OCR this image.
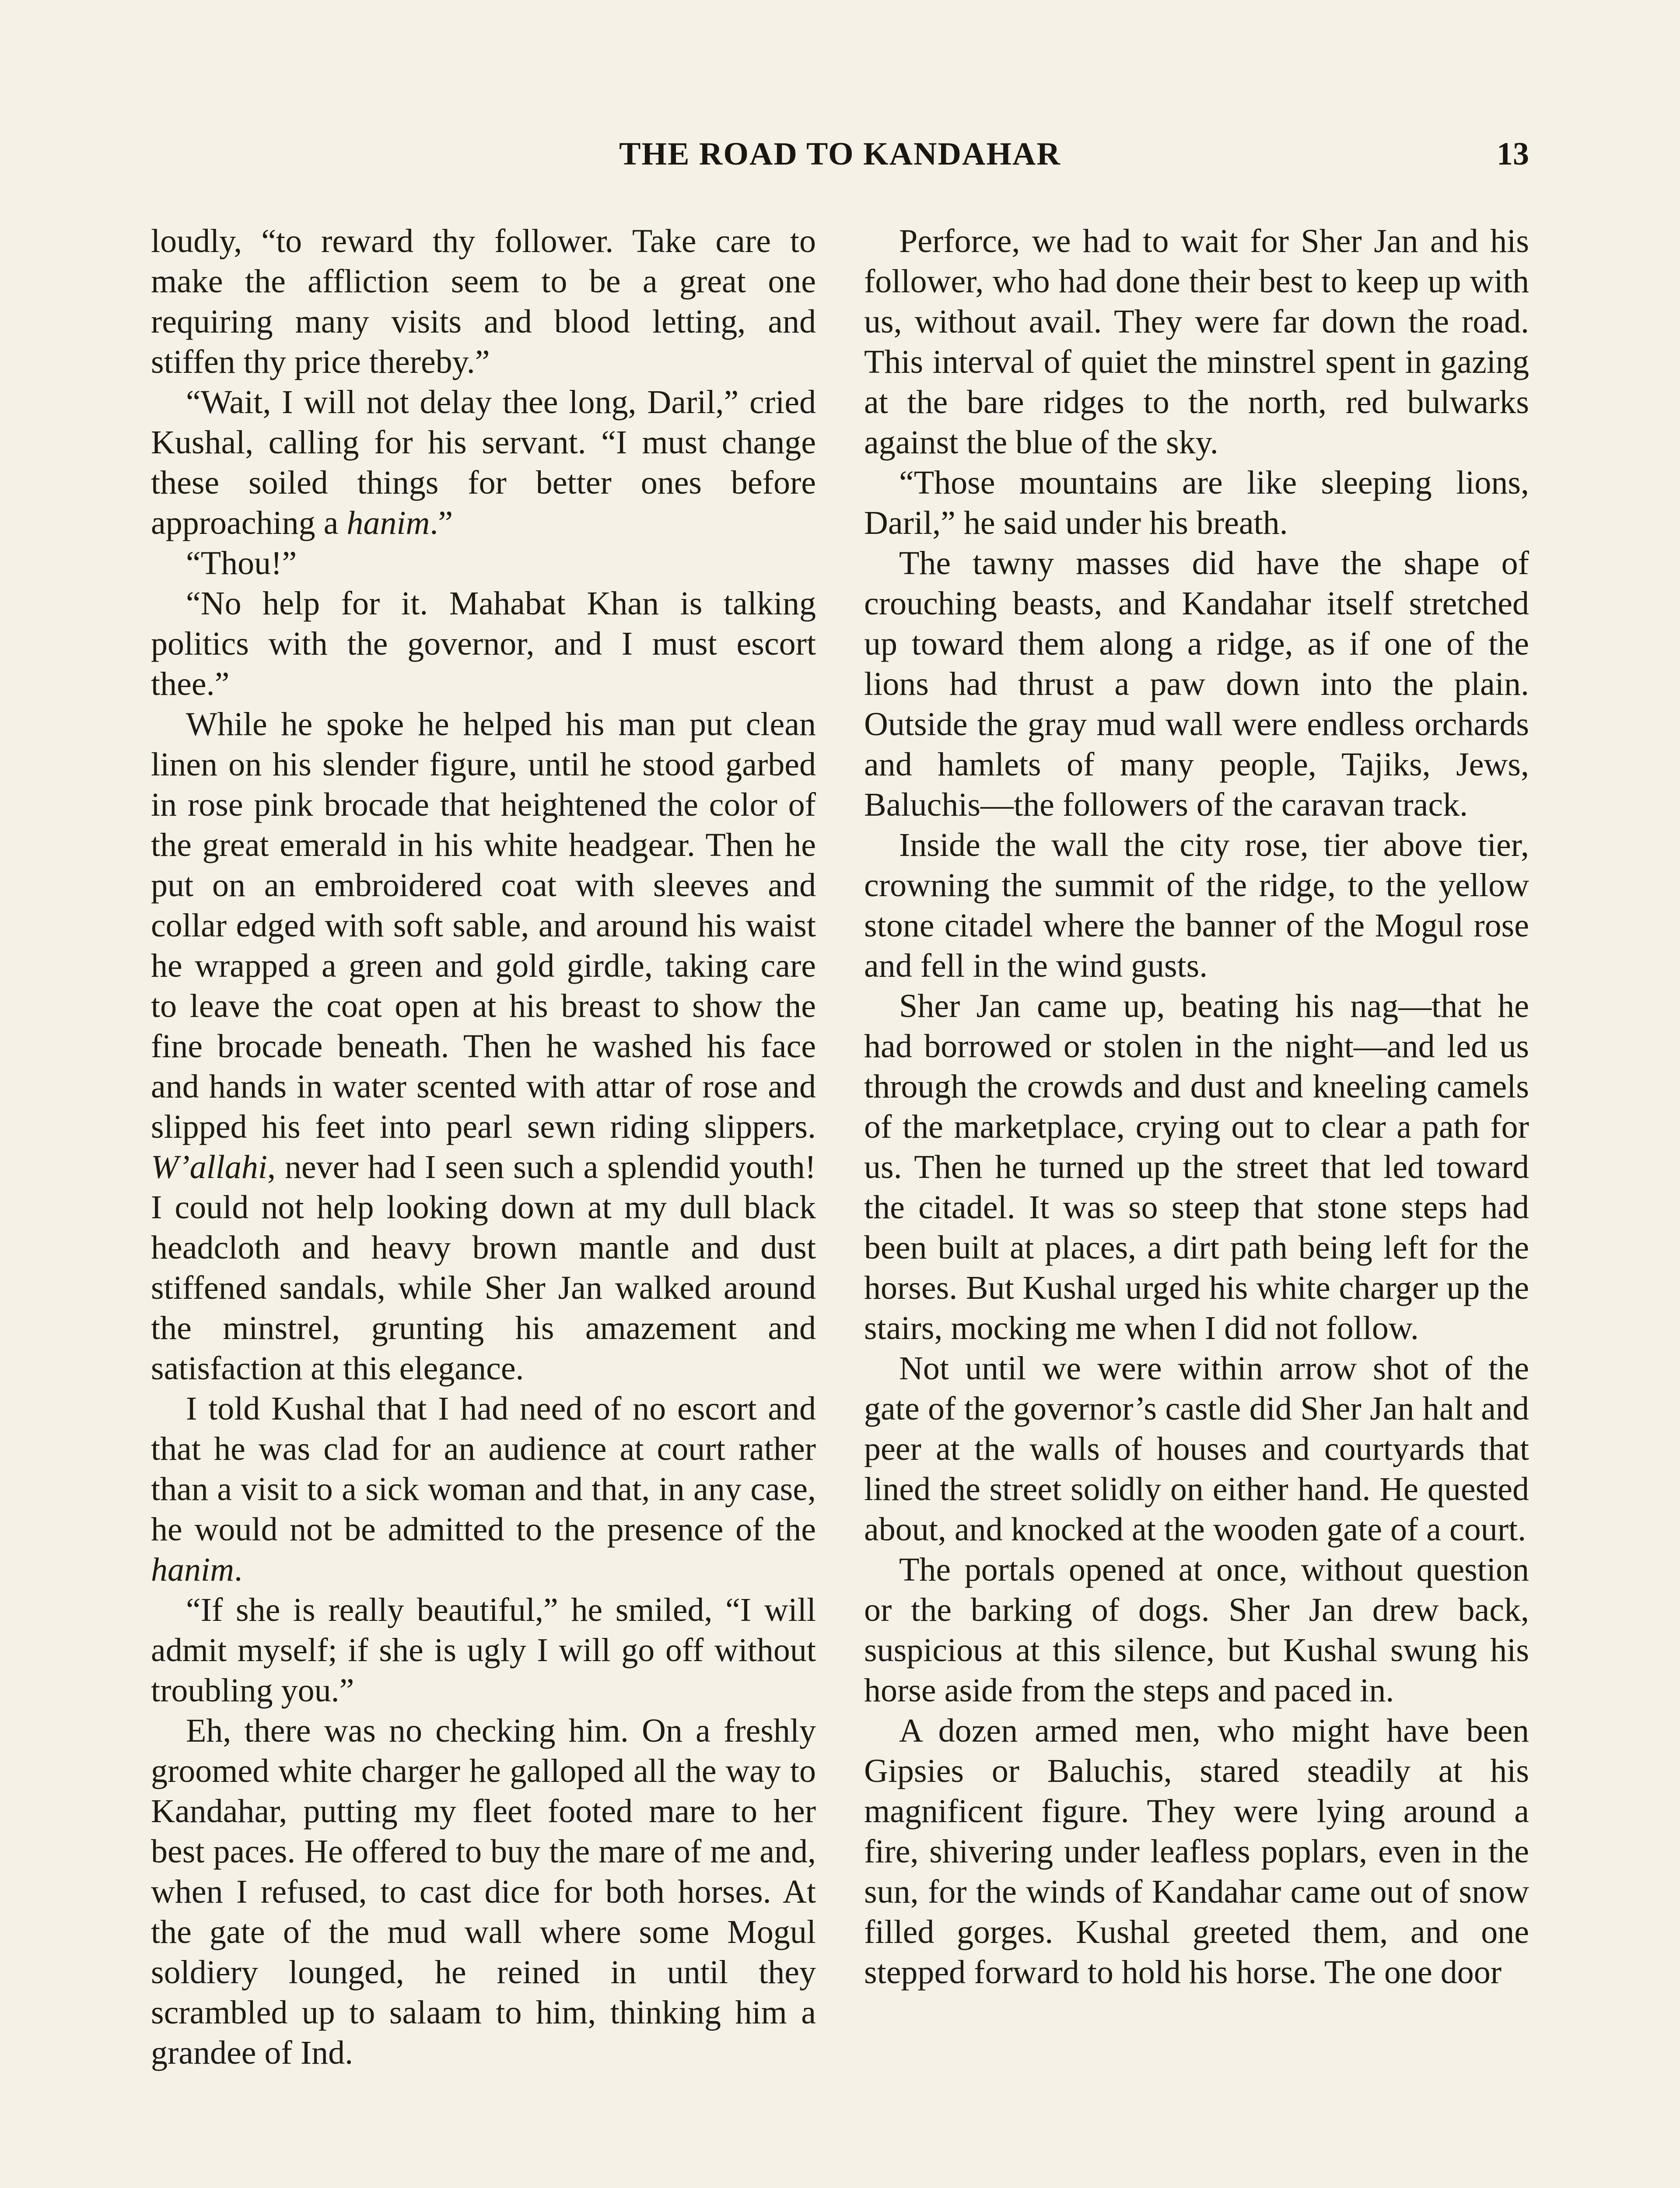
THE ROAD TO KANDAHAR	13

loudly, “to reward thy follower. Take care to make the affliction seem to be a great one requiring many visits and blood letting, and stiffen thy price thereby.”

“Wait, I will not delay thee long, Daril,” cried Kushal, calling for his servant. “I must change these soiled things for better ones before approaching a hanim.”

“Thou!”

“No help for it. Mahabat Khan is talking politics with the governor, and I must escort thee.”

While he spoke he helped his man put clean linen on his slender figure, until he stood garbed in rose pink brocade that heightened the color of the great emerald in his white headgear. Then he put on an embroidered coat with sleeves and collar edged with soft sable, and around his waist he wrapped a green and gold girdle, taking care to leave the coat open at his breast to show the fine brocade beneath. Then he washed his face and hands in water scented with attar of rose and slipped his feet into pearl sewn riding slippers. W’allahi, never had I seen such a splendid youth! I could not help looking down at my dull black headcloth and heavy brown mantle and dust stiffened sandals, while Sher Jan walked around the minstrel, grunting his amazement and satisfaction at this elegance.

I told Kushal that I had need of no escort and that he was clad for an audience at court rather than a visit to a sick woman and that, in any case, he would not be admitted to the presence of the hanim.

“If she is really beautiful,” he smiled, “I will admit myself; if she is ugly I will go off without troubling you.”

Eh, there was no checking him. On a freshly groomed white charger he galloped all the way to Kandahar, putting my fleet footed mare to her best paces. He offered to buy the mare of me and, when I refused, to cast dice for both horses. At the gate of the mud wall where some Mogul soldiery lounged, he reined in until they scrambled up to salaam to him, thinking him a grandee of Ind.

Perforce, we had to wait for Sher Jan and his follower, who had done their best to keep up with us, without avail. They were far down the road. This interval of quiet the minstrel spent in gazing at the bare ridges to the north, red bulwarks against the blue of the sky.

“Those mountains are like sleeping lions, Daril,” he said under his breath.

The tawny masses did have the shape of crouching beasts, and Kandahar itself stretched up toward them along a ridge, as if one of the lions had thrust a paw down into the plain. Outside the gray mud wall were endless orchards and hamlets of many people, Tajiks, Jews, Baluchis—the followers of the caravan track.

Inside the wall the city rose, tier above tier, crowning the summit of the ridge, to the yellow stone citadel where the banner of the Mogul rose and fell in the wind gusts.

Sher Jan came up, beating his nag—that he had borrowed or stolen in the night—and led us through the crowds and dust and kneeling camels of the marketplace, crying out to clear a path for us. Then he turned up the street that led toward the citadel. It was so steep that stone steps had been built at places, a dirt path being left for the horses. But Kushal urged his white charger up the stairs, mocking me when I did not follow.

Not until we were within arrow shot of the gate of the governor’s castle did Sher Jan halt and peer at the walls of houses and courtyards that lined the street solidly on either hand. He quested about, and knocked at the wooden gate of a court.

The portals opened at once, without question or the barking of dogs. Sher Jan drew back, suspicious at this silence, but Kushal swung his horse aside from the steps and paced in.

A dozen armed men, who might have been Gipsies or Baluchis, stared steadily at his magnificent figure. They were lying around a fire, shivering under leafless poplars, even in the sun, for the winds of Kandahar came out of snow filled gorges. Kushal greeted them, and one stepped forward to hold his horse. The one door
